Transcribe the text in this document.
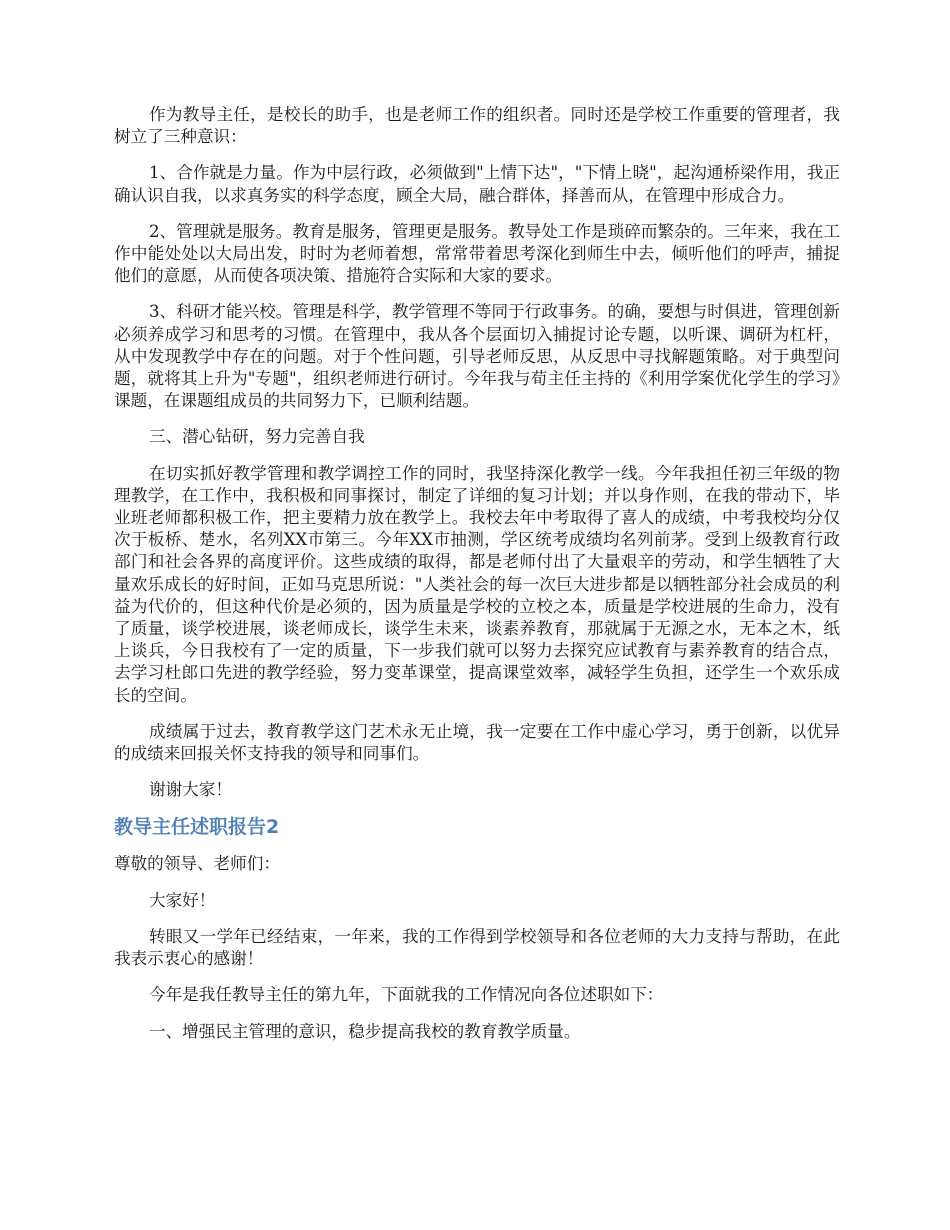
作为教导主任，是校长的助手，也是老师工作的组织者。同时还是学校工作重要的管理者，我树立了三种意识：

1、合作就是力量。作为中层行政，必须做到"上情下达"，"下情上晓"，起沟通桥梁作用，我正确认识自我，以求真务实的科学态度，顾全大局，融合群体，择善而从，在管理中形成合力。

2、管理就是服务。教育是服务，管理更是服务。教导处工作是琐碎而繁杂的。三年来，我在工作中能处处以大局出发，时时为老师着想，常常带着思考深化到师生中去，倾听他们的呼声，捕捉他们的意愿，从而使各项决策、措施符合实际和大家的要求。

3、科研才能兴校。管理是科学，教学管理不等同于行政事务。的确，要想与时俱进，管理创新必须养成学习和思考的习惯。在管理中，我从各个层面切入捕捉讨论专题，以听课、调研为杠杆，从中发现教学中存在的问题。对于个性问题，引导老师反思，从反思中寻找解题策略。对于典型问题，就将其上升为"专题"，组织老师进行研讨。今年我与荀主任主持的《利用学案优化学生的学习》课题，在课题组成员的共同努力下，已顺利结题。

三、潜心钻研，努力完善自我

在切实抓好教学管理和教学调控工作的同时，我坚持深化教学一线。今年我担任初三年级的物理教学，在工作中，我积极和同事探讨，制定了详细的复习计划；并以身作则，在我的带动下，毕业班老师都积极工作，把主要精力放在教学上。我校去年中考取得了喜人的成绩，中考我校均分仅次于板桥、楚水，名列XX市第三。今年XX市抽测，学区统考成绩均名列前茅。受到上级教育行政部门和社会各界的高度评价。这些成绩的取得，都是老师付出了大量艰辛的劳动，和学生牺牲了大量欢乐成长的好时间，正如马克思所说："人类社会的每一次巨大进步都是以牺牲部分社会成员的利益为代价的，但这种代价是必须的，因为质量是学校的立校之本，质量是学校进展的生命力，没有了质量，谈学校进展，谈老师成长，谈学生未来，谈素养教育，那就属于无源之水，无本之木，纸上谈兵，今日我校有了一定的质量，下一步我们就可以努力去探究应试教育与素养教育的结合点，去学习杜郎口先进的教学经验，努力变革课堂，提高课堂效率，减轻学生负担，还学生一个欢乐成长的空间。

成绩属于过去，教育教学这门艺术永无止境，我一定要在工作中虚心学习，勇于创新，以优异的成绩来回报关怀支持我的领导和同事们。

谢谢大家！

教导主任述职报告2

尊敬的领导、老师们：

大家好！

转眼又一学年已经结束，一年来，我的工作得到学校领导和各位老师的大力支持与帮助，在此我表示衷心的感谢！

今年是我任教导主任的第九年，下面就我的工作情况向各位述职如下：

一、增强民主管理的意识，稳步提高我校的教育教学质量。
